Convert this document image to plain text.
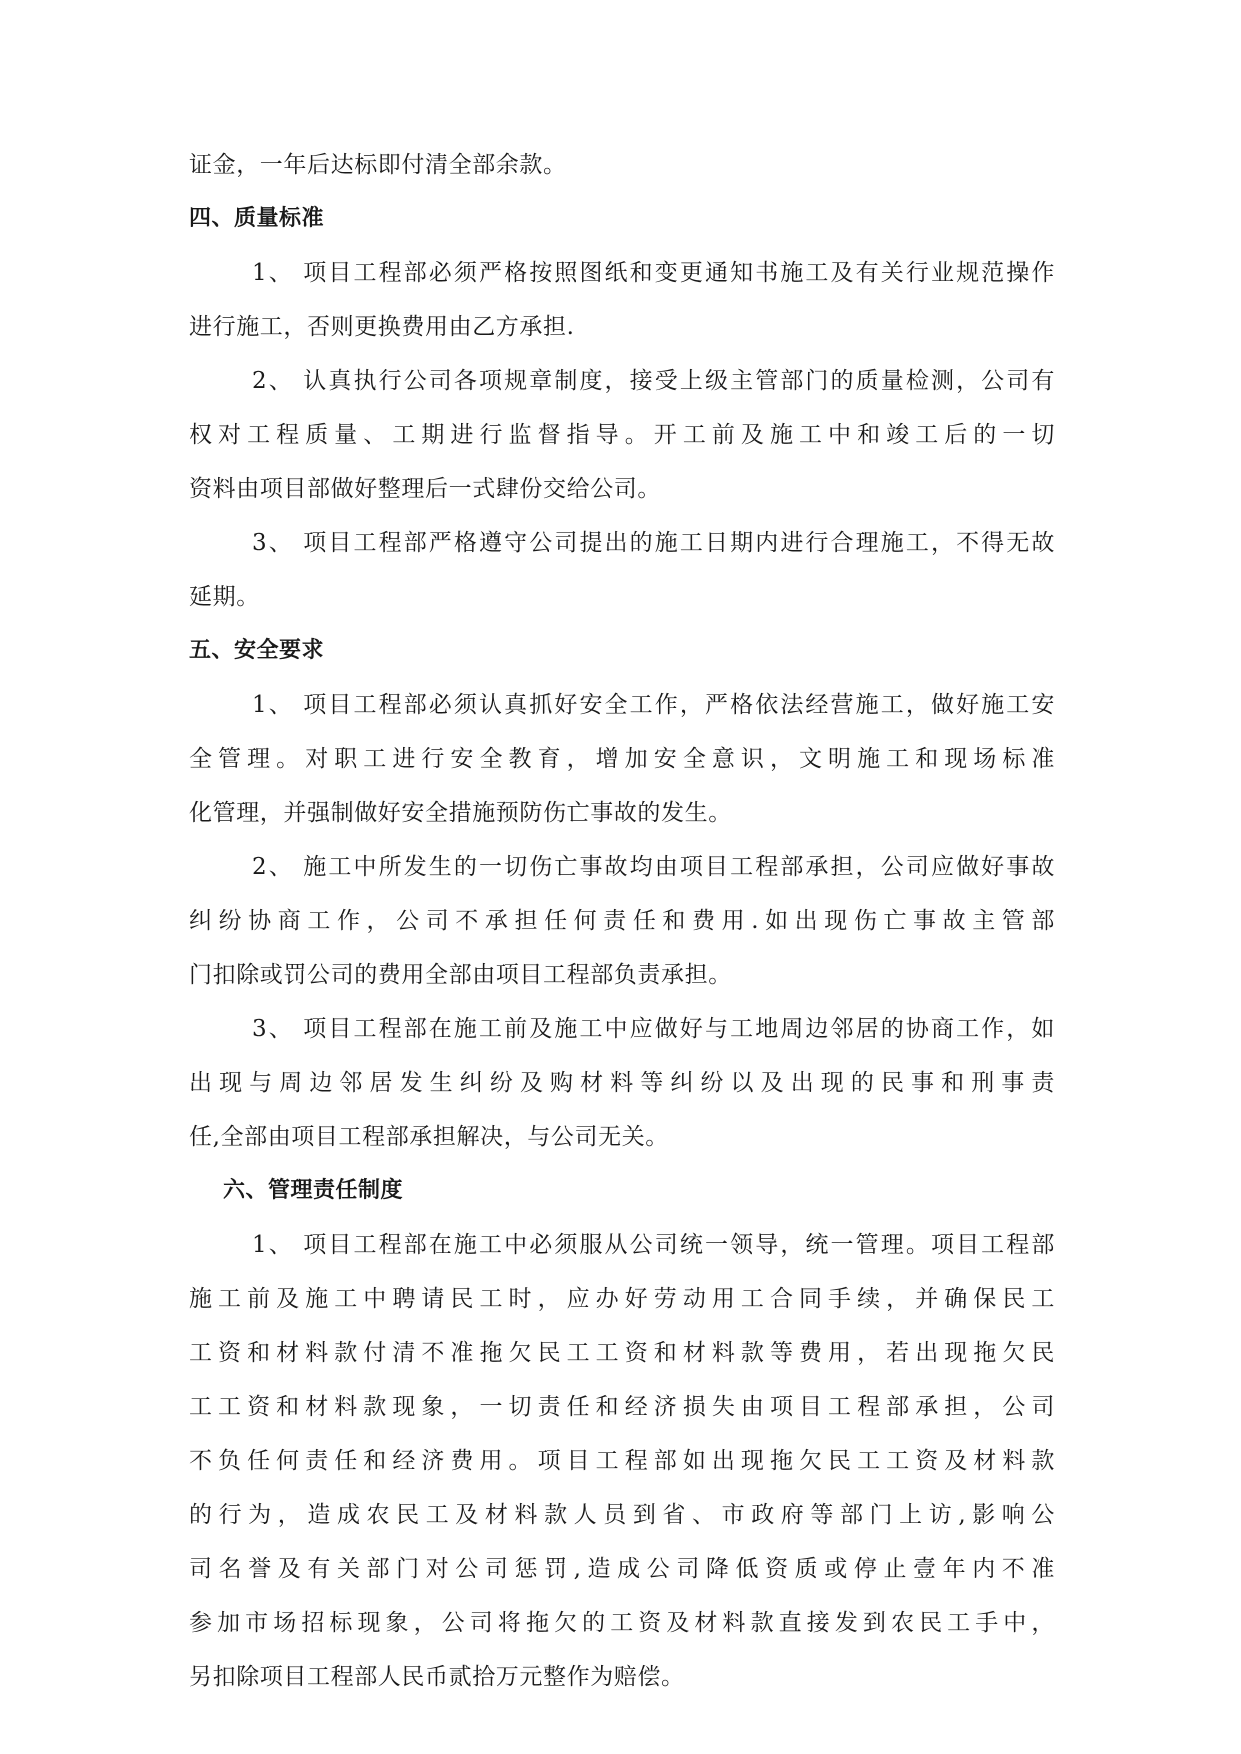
证金，一年后达标即付清全部余款。
四、质量标准
1、 项目工程部必须严格按照图纸和变更通知书施工及有关行业规范操作
进行施工，否则更换费用由乙方承担.
2、 认真执行公司各项规章制度，接受上级主管部门的质量检测，公司有
权对工程质量、工期进行监督指导。开工前及施工中和竣工后的一切
资料由项目部做好整理后一式肆份交给公司。
3、 项目工程部严格遵守公司提出的施工日期内进行合理施工，不得无故
延期。
五、安全要求
1、 项目工程部必须认真抓好安全工作，严格依法经营施工，做好施工安
全管理。对职工进行安全教育，增加安全意识，文明施工和现场标准
化管理，并强制做好安全措施预防伤亡事故的发生。
2、 施工中所发生的一切伤亡事故均由项目工程部承担，公司应做好事故
纠纷协商工作，公司不承担任何责任和费用.如出现伤亡事故主管部
门扣除或罚公司的费用全部由项目工程部负责承担。
3、 项目工程部在施工前及施工中应做好与工地周边邻居的协商工作，如
出现与周边邻居发生纠纷及购材料等纠纷以及出现的民事和刑事责
任,全部由项目工程部承担解决，与公司无关。
六、管理责任制度
1、 项目工程部在施工中必须服从公司统一领导，统一管理。项目工程部
施工前及施工中聘请民工时，应办好劳动用工合同手续，并确保民工
工资和材料款付清不准拖欠民工工资和材料款等费用，若出现拖欠民
工工资和材料款现象，一切责任和经济损失由项目工程部承担，公司
不负任何责任和经济费用。项目工程部如出现拖欠民工工资及材料款
的行为，造成农民工及材料款人员到省、市政府等部门上访,影响公
司名誉及有关部门对公司惩罚,造成公司降低资质或停止壹年内不准
参加市场招标现象，公司将拖欠的工资及材料款直接发到农民工手中，
另扣除项目工程部人民币贰拾万元整作为赔偿。
